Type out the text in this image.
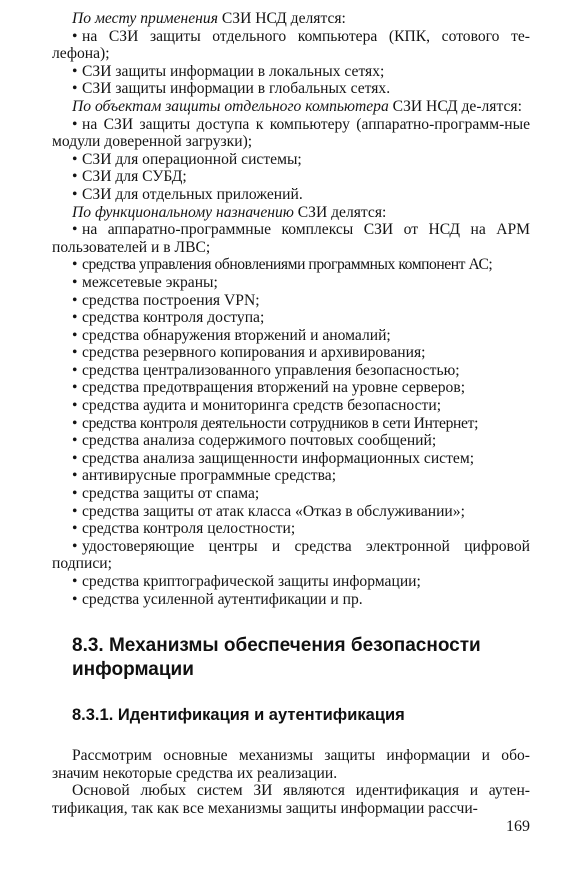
По месту применения СЗИ НСД делятся:

• на СЗИ защиты отдельного компьютера (КПК, сотового те-лефона);

• СЗИ защиты информации в локальных сетях;

• СЗИ защиты информации в глобальных сетях.

По объектам защиты отдельного компьютера СЗИ НСД де-лятся:

• на СЗИ защиты доступа к компьютеру (аппаратно-программ-ные модули доверенной загрузки);

• СЗИ для операционной системы;

• СЗИ для СУБД;

• СЗИ для отдельных приложений.

По функциональному назначению СЗИ делятся:

• на аппаратно-программные комплексы СЗИ от НСД на АРМ пользователей и в ЛВС;

• средства управления обновлениями программных компонент АС;

• межсетевые экраны;

• средства построения VPN;

• средства контроля доступа;

• средства обнаружения вторжений и аномалий;

• средства резервного копирования и архивирования;

• средства централизованного управления безопасностью;

• средства предотвращения вторжений на уровне серверов;

• средства аудита и мониторинга средств безопасности;

• средства контроля деятельности сотрудников в сети Интернет;

• средства анализа содержимого почтовых сообщений;

• средства анализа защищенности информационных систем;

• антивирусные программные средства;

• средства защиты от спама;

• средства защиты от атак класса «Отказ в обслуживании»;

• средства контроля целостности;

• удостоверяющие центры и средства электронной цифровой подписи;

• средства криптографической защиты информации;

• средства усиленной аутентификации и пр.

8.3. Механизмы обеспечения безопасности информации
8.3.1. Идентификация и аутентификация

Рассмотрим основные механизмы защиты информации и обо-значим некоторые средства их реализации.

Основой любых систем ЗИ являются идентификация и аутен-тификация, так как все механизмы защиты информации рассчи-

169
